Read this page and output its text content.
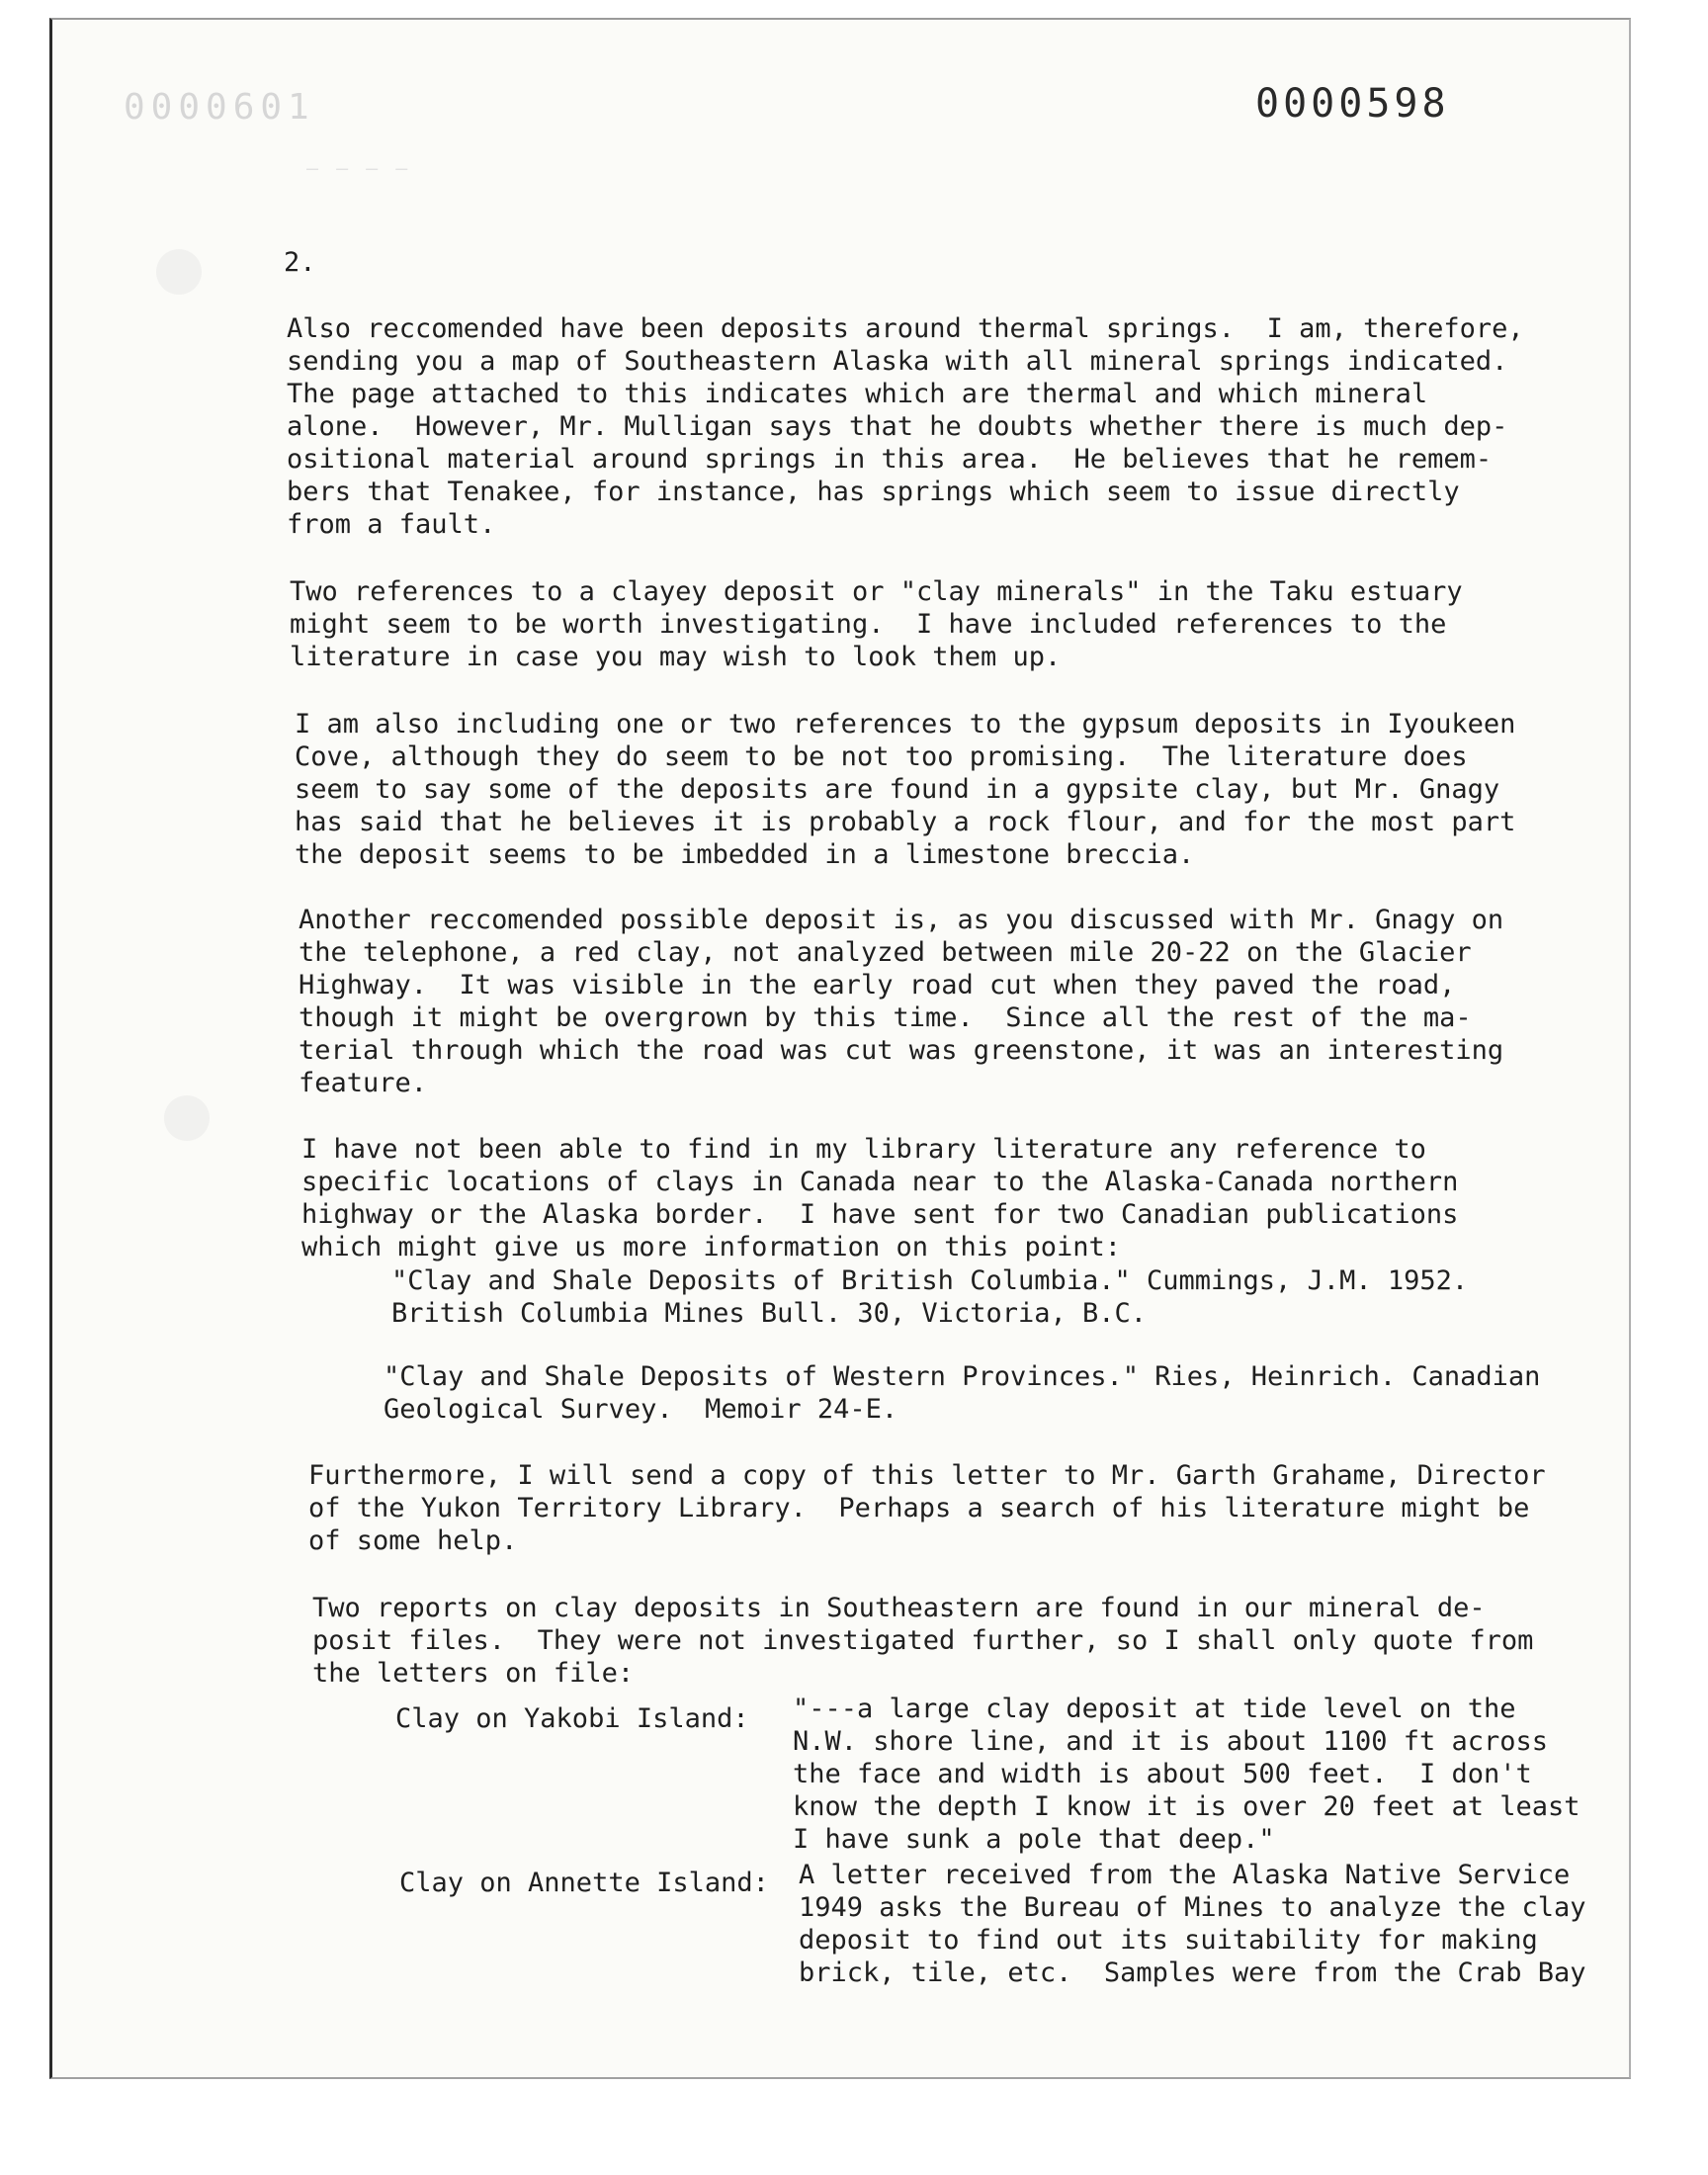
0000601
— — — —
0000598
2.
Also reccomended have been deposits around thermal springs.  I am, therefore,
sending you a map of Southeastern Alaska with all mineral springs indicated.
The page attached to this indicates which are thermal and which mineral
alone.  However, Mr. Mulligan says that he doubts whether there is much dep-
ositional material around springs in this area.  He believes that he remem-
bers that Tenakee, for instance, has springs which seem to issue directly
from a fault.
Two references to a clayey deposit or "clay minerals" in the Taku estuary
might seem to be worth investigating.  I have included references to the
literature in case you may wish to look them up.
I am also including one or two references to the gypsum deposits in Iyoukeen
Cove, although they do seem to be not too promising.  The literature does
seem to say some of the deposits are found in a gypsite clay, but Mr. Gnagy
has said that he believes it is probably a rock flour, and for the most part
the deposit seems to be imbedded in a limestone breccia.
Another reccomended possible deposit is, as you discussed with Mr. Gnagy on
the telephone, a red clay, not analyzed between mile 20-22 on the Glacier
Highway.  It was visible in the early road cut when they paved the road,
though it might be overgrown by this time.  Since all the rest of the ma-
terial through which the road was cut was greenstone, it was an interesting
feature.
I have not been able to find in my library literature any reference to
specific locations of clays in Canada near to the Alaska-Canada northern
highway or the Alaska border.  I have sent for two Canadian publications
which might give us more information on this point:
"Clay and Shale Deposits of British Columbia." Cummings, J.M. 1952.
British Columbia Mines Bull. 30, Victoria, B.C.
"Clay and Shale Deposits of Western Provinces." Ries, Heinrich. Canadian
Geological Survey.  Memoir 24-E.
Furthermore, I will send a copy of this letter to Mr. Garth Grahame, Director
of the Yukon Territory Library.  Perhaps a search of his literature might be
of some help.
Two reports on clay deposits in Southeastern are found in our mineral de-
posit files.  They were not investigated further, so I shall only quote from
the letters on file:
Clay on Yakobi Island: "---a large clay deposit at tide level on the
N.W. shore line, and it is about 1100 ft across
the face and width is about 500 feet.  I don't
know the depth I know it is over 20 feet at least
I have sunk a pole that deep."
Clay on Annette Island: A letter received from the Alaska Native Service
1949 asks the Bureau of Mines to analyze the clay
deposit to find out its suitability for making
brick, tile, etc.  Samples were from the Crab Bay
